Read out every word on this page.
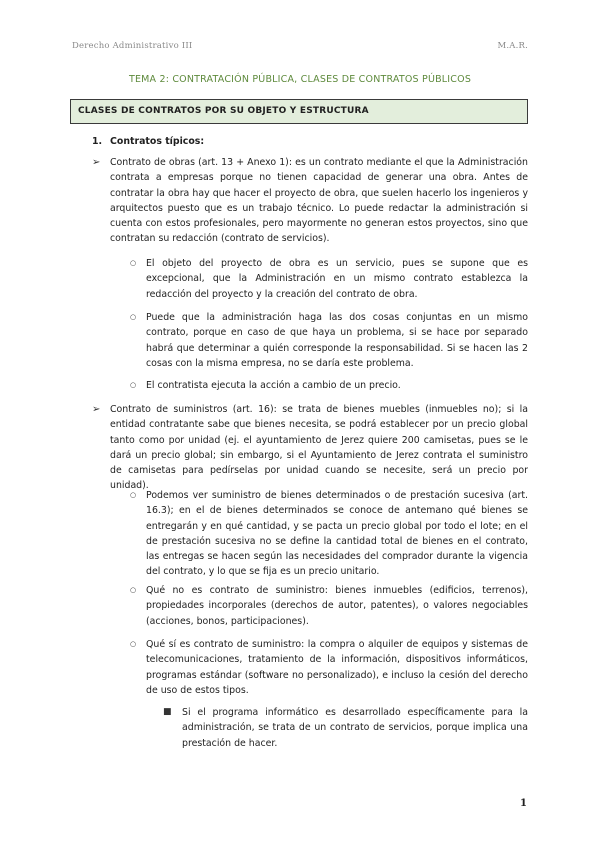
Derecho Administrativo III	M.A.R.
TEMA 2: CONTRATACIÓN PÚBLICA, CLASES DE CONTRATOS PÚBLICOS
CLASES DE CONTRATOS POR SU OBJETO Y ESTRUCTURA
1. Contratos típicos:
➢ Contrato de obras (art. 13 + Anexo 1): es un contrato mediante el que la Administración contrata a empresas porque no tienen capacidad de generar una obra. Antes de contratar la obra hay que hacer el proyecto de obra, que suelen hacerlo los ingenieros y arquitectos puesto que es un trabajo técnico. Lo puede redactar la administración si cuenta con estos profesionales, pero mayormente no generan estos proyectos, sino que contratan su redacción (contrato de servicios).

○ El objeto del proyecto de obra es un servicio, pues se supone que es excepcional, que la Administración en un mismo contrato establezca la redacción del proyecto y la creación del contrato de obra.

○ Puede que la administración haga las dos cosas conjuntas en un mismo contrato, porque en caso de que haya un problema, si se hace por separado habrá que determinar a quién corresponde la responsabilidad. Si se hacen las 2 cosas con la misma empresa, no se daría este problema.

○ El contratista ejecuta la acción a cambio de un precio.

➢ Contrato de suministros (art. 16): se trata de bienes muebles (inmuebles no); si la entidad contratante sabe que bienes necesita, se podrá establecer por un precio global tanto como por unidad (ej. el ayuntamiento de Jerez quiere 200 camisetas, pues se le dará un precio global; sin embargo, si el Ayuntamiento de Jerez contrata el suministro de camisetas para pedírselas por unidad cuando se necesite, será un precio por unidad).

○ Podemos ver suministro de bienes determinados o de prestación sucesiva (art. 16.3); en el de bienes determinados se conoce de antemano qué bienes se entregarán y en qué cantidad, y se pacta un precio global por todo el lote; en el de prestación sucesiva no se define la cantidad total de bienes en el contrato, las entregas se hacen según las necesidades del comprador durante la vigencia del contrato, y lo que se fija es un precio unitario.

○ Qué no es contrato de suministro: bienes inmuebles (edificios, terrenos), propiedades incorporales (derechos de autor, patentes), o valores negociables (acciones, bonos, participaciones).

○ Qué sí es contrato de suministro: la compra o alquiler de equipos y sistemas de telecomunicaciones, tratamiento de la información, dispositivos informáticos, programas estándar (software no personalizado), e incluso la cesión del derecho de uso de estos tipos.

■ Si el programa informático es desarrollado específicamente para la administración, se trata de un contrato de servicios, porque implica una prestación de hacer.

1
